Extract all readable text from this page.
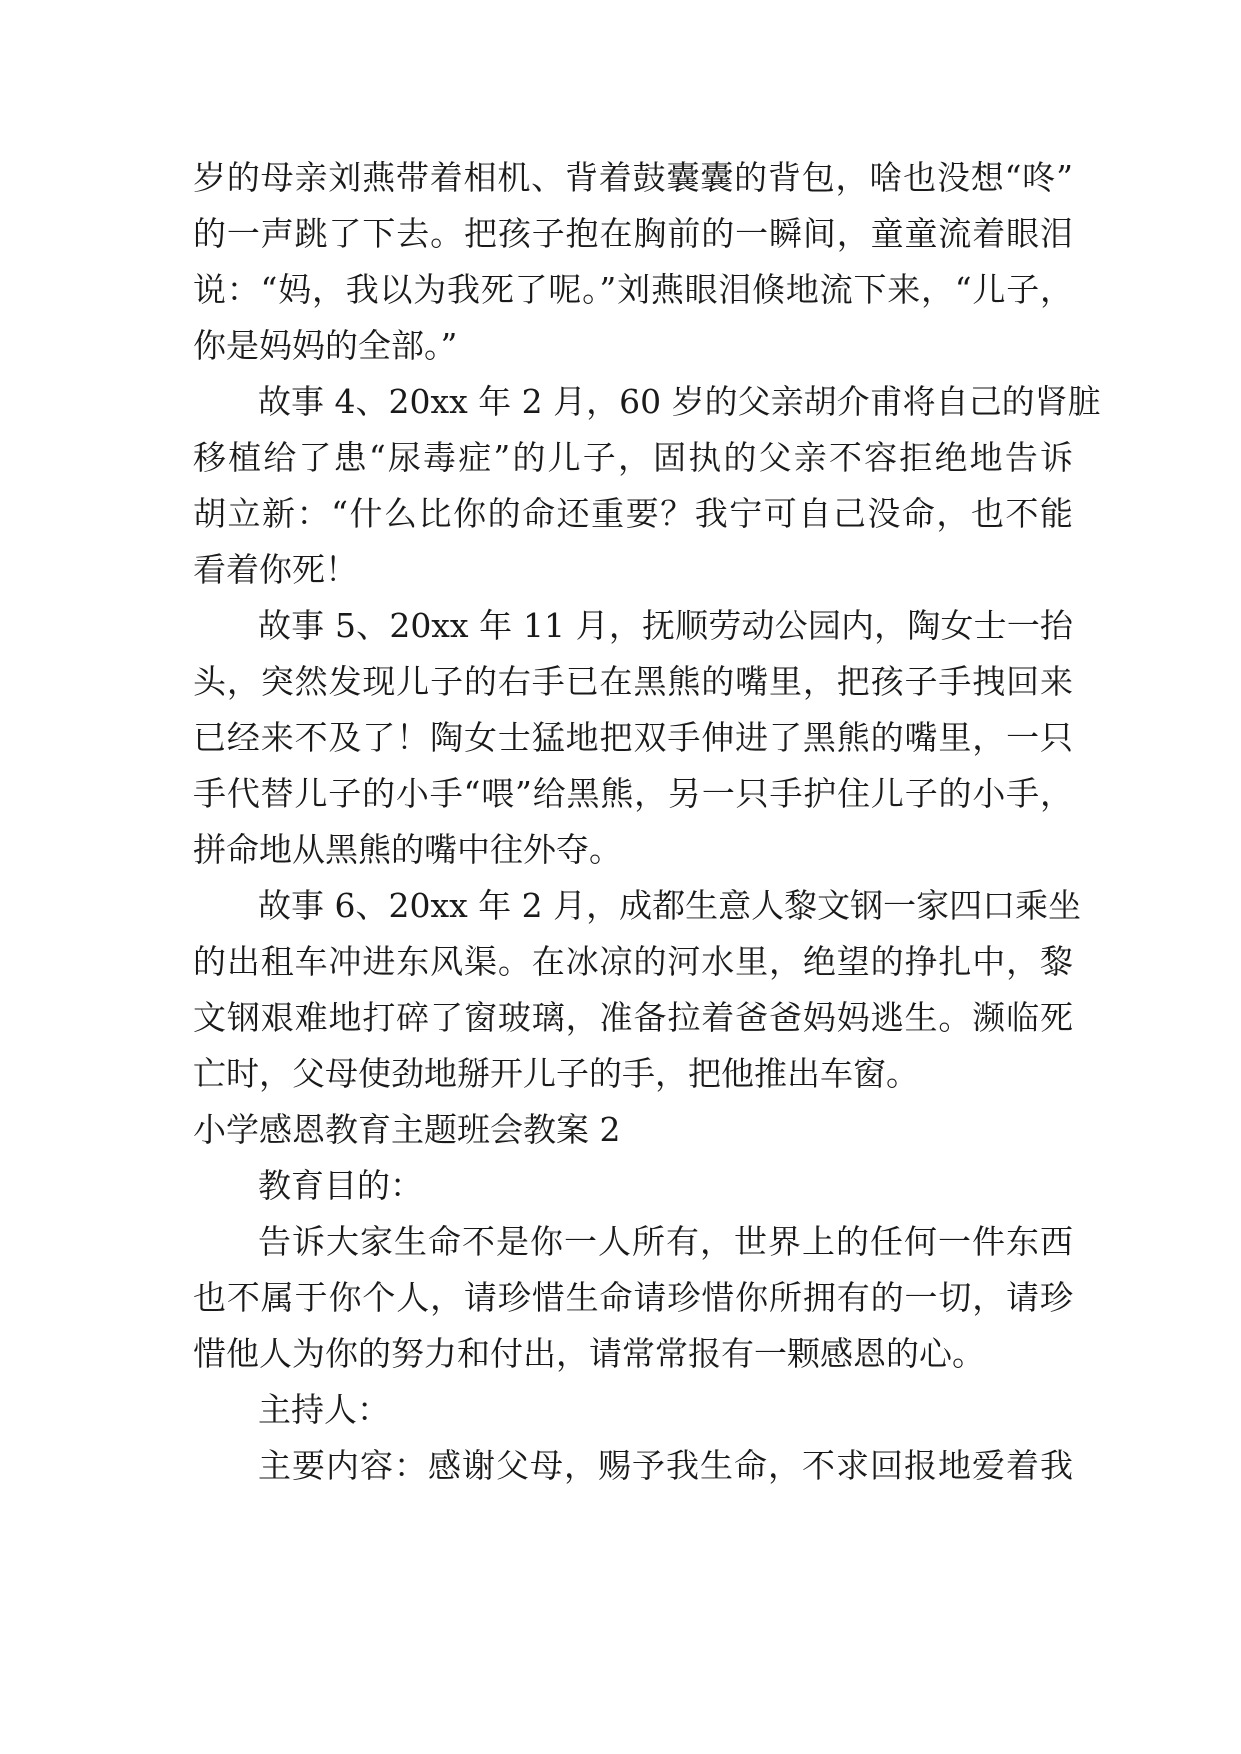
岁的母亲刘燕带着相机、背着鼓囊囊的背包，啥也没想“咚”
的一声跳了下去。把孩子抱在胸前的一瞬间，童童流着眼泪
说：“妈，我以为我死了呢。”刘燕眼泪倏地流下来，“儿子，
你是妈妈的全部。”
故事 4、20xx 年 2 月，60 岁的父亲胡介甫将自己的肾脏
移植给了患“尿毒症”的儿子，固执的父亲不容拒绝地告诉
胡立新：“什么比你的命还重要？我宁可自己没命，也不能
看着你死！
故事 5、20xx 年 11 月，抚顺劳动公园内，陶女士一抬
头，突然发现儿子的右手已在黑熊的嘴里，把孩子手拽回来
已经来不及了！陶女士猛地把双手伸进了黑熊的嘴里，一只
手代替儿子的小手“喂”给黑熊，另一只手护住儿子的小手，
拼命地从黑熊的嘴中往外夺。
故事 6、20xx 年 2 月，成都生意人黎文钢一家四口乘坐
的出租车冲进东风渠。在冰凉的河水里，绝望的挣扎中，黎
文钢艰难地打碎了窗玻璃，准备拉着爸爸妈妈逃生。濒临死
亡时，父母使劲地掰开儿子的手，把他推出车窗。
小学感恩教育主题班会教案 2
教育目的：
告诉大家生命不是你一人所有，世界上的任何一件东西
也不属于你个人，请珍惜生命请珍惜你所拥有的一切，请珍
惜他人为你的努力和付出，请常常报有一颗感恩的心。
主持人：
主要内容：感谢父母，赐予我生命，不求回报地爱着我
